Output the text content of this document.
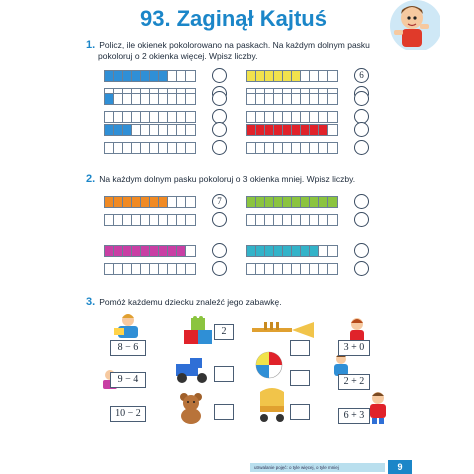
93. Zaginął Kajtuś
1. Policz, ile okienek pokolorowano na paskach. Na każdym dolnym pasku
pokoloruj o 2 okienka więcej. Wpisz liczby.
6
2. Na każdym dolnym pasku pokoloruj o 3 okienka mniej. Wpisz liczby.
7
3. Pomóż każdemu dziecku znaleźć jego zabawkę.
8 − 6
9 − 4
10 − 2
2
3 + 0
2 + 2
6 + 3
utrwalanie pojęć: o tyle więcej, o tyle mniej	9
